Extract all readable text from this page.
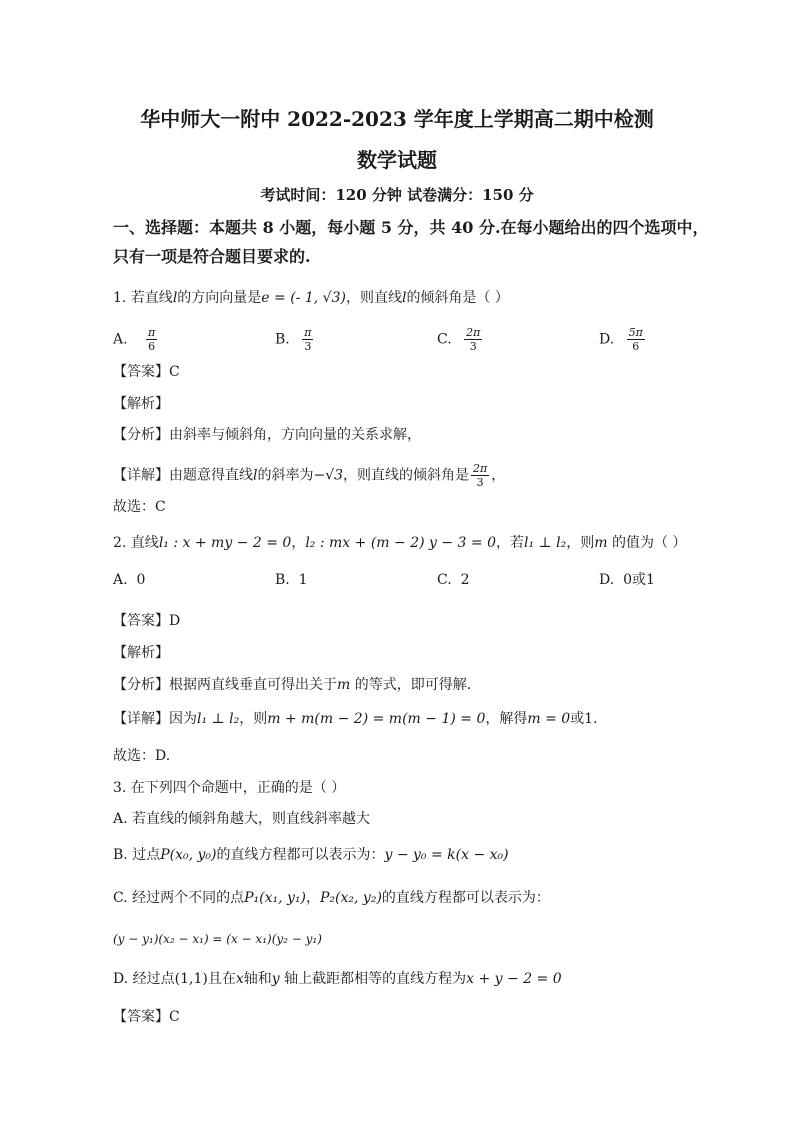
华中师大一附中 2022-2023 学年度上学期高二期中检测
数学试题
考试时间：120 分钟 试卷满分：150 分
一、选择题：本题共 8 小题，每小题 5 分，共 40 分.在每小题给出的四个选项中，
只有一项是符合题目要求的.
1. 若直线l的方向向量是e = (- 1, √3)，则直线l的倾斜角是（ ）
A. $\frac{\pi}{6}$	B. $\frac{\pi}{3}$	C. $\frac{2\pi}{3}$	D. $\frac{5\pi}{6}$
【答案】C
【解析】
【分析】由斜率与倾斜角，方向向量的关系求解，
【详解】由题意得直线l的斜率为−√3，则直线的倾斜角是 $\frac{2\pi}{3}$ ，
故选：C
2. 直线l₁ : x + my − 2 = 0，l₂ : mx + (m − 2) y − 3 = 0，若l₁ ⊥ l₂，则m 的值为（ ）
A. 0	B. 1	C. 2	D. 0或1
【答案】D
【解析】
【分析】根据两直线垂直可得出关于m 的等式，即可得解.
【详解】因为l₁ ⊥ l₂，则m + m(m − 2) = m(m − 1) = 0，解得m = 0或1.
故选：D.
3. 在下列四个命题中，正确的是（ ）
A. 若直线的倾斜角越大，则直线斜率越大
B. 过点P(x₀, y₀)的直线方程都可以表示为：y − y₀ = k(x − x₀)
C. 经过两个不同的点P₁(x₁, y₁)，P₂(x₂, y₂)的直线方程都可以表示为：
(y − y₁)(x₂ − x₁) = (x − x₁)(y₂ − y₁)
D. 经过点(1,1)且在x轴和y 轴上截距都相等的直线方程为x + y − 2 = 0
【答案】C
